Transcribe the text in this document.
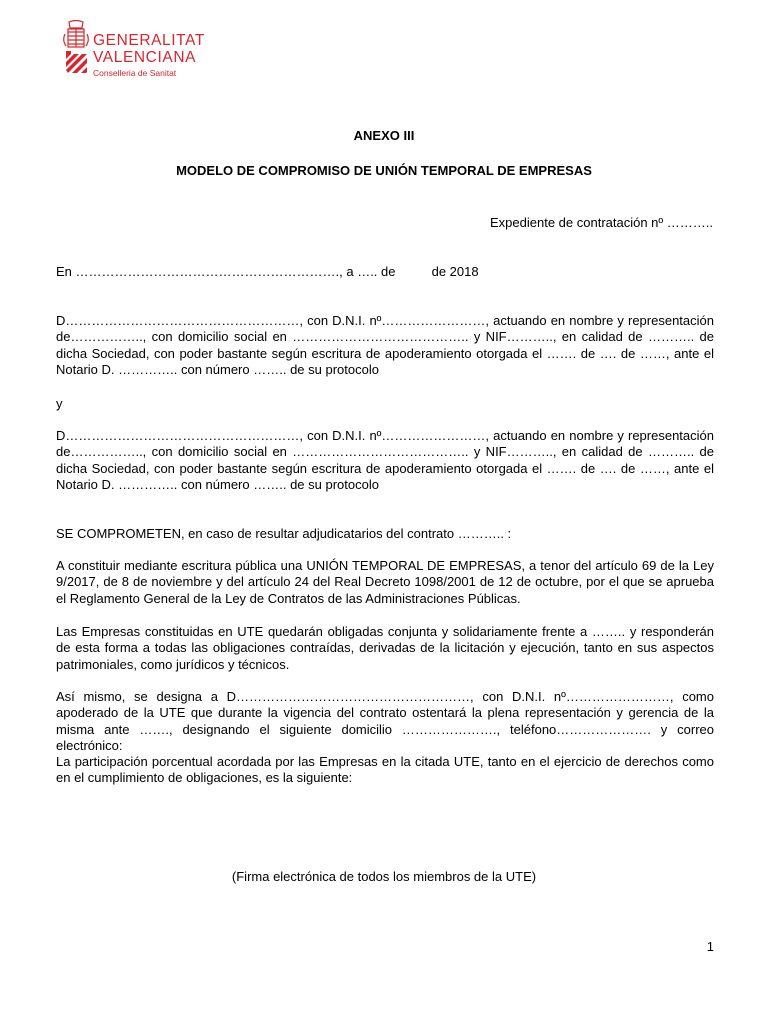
GENERALITAT
VALENCIANA
Conselleria de Sanitat
ANEXO III
MODELO DE COMPROMISO DE UNIÓN TEMPORAL DE EMPRESAS
Expediente de contratación nº ………..
En ……………………………………………………., a ….. de          de 2018
D………………………………………………, con D.N.I. nº……………………, actuando en nombre y representación de…………….., con domicilio social en ………………………………….. y NIF……….., en calidad de ……….. de dicha Sociedad, con poder bastante según escritura de apoderamiento otorgada el ……. de …. de ……, ante el Notario D. ………….. con número …….. de su protocolo
y
D………………………………………………, con D.N.I. nº……………………, actuando en nombre y representación de…………….., con domicilio social en ………………………………….. y NIF……….., en calidad de ……….. de dicha Sociedad, con poder bastante según escritura de apoderamiento otorgada el ……. de …. de ……, ante el Notario D. ………….. con número …….. de su protocolo
SE COMPROMETEN, en caso de resultar adjudicatarios del contrato ……….. :
A constituir mediante escritura pública una UNIÓN TEMPORAL DE EMPRESAS, a tenor del artículo 69 de la Ley 9/2017, de 8 de noviembre y del artículo 24 del Real Decreto 1098/2001 de 12 de octubre, por el que se aprueba el Reglamento General de la Ley de Contratos de las Administraciones Públicas.
Las Empresas constituidas en UTE quedarán obligadas conjunta y solidariamente frente a …….. y responderán de esta forma a todas las obligaciones contraídas, derivadas de la licitación y ejecución, tanto en sus aspectos patrimoniales, como jurídicos y técnicos.
Así mismo, se designa a D………………………………………………, con D.N.I. nº……………………, como apoderado de la UTE que durante la vigencia del contrato ostentará la plena representación y gerencia de la misma ante ……., designando el siguiente domicilio …………………., teléfono…………………. y correo electrónico:
La participación porcentual acordada por las Empresas en la citada UTE, tanto en el ejercicio de derechos como en el cumplimiento de obligaciones, es la siguiente:
(Firma electrónica de todos los miembros de la UTE)
1
